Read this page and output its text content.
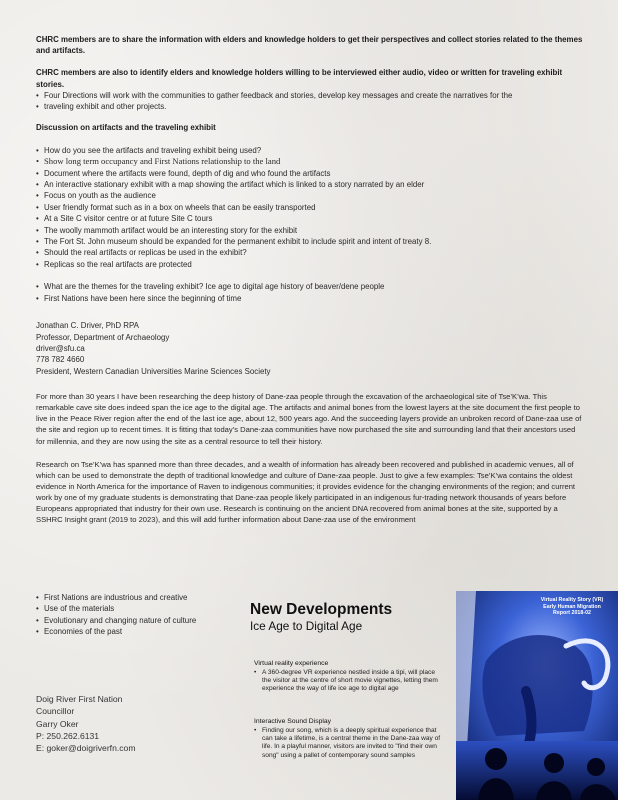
CHRC members are to share the information with elders and knowledge holders to get their perspectives and collect stories related to the themes and artifacts.

CHRC members are also to identify elders and knowledge holders willing to be interviewed either audio, video or written for traveling exhibit stories.

• Four Directions will work with the communities to gather feedback and stories, develop key messages and create the narratives for the
• traveling exhibit and other projects.

Discussion on artifacts and the traveling exhibit

• How do you see the artifacts and traveling exhibit being used?
• Show long term occupancy and First Nations relationship to the land
• Document where the artifacts were found, depth of dig and who found the artifacts
• An interactive stationary exhibit with a map showing the artifact which is linked to a story narrated by an elder
• Focus on youth as the audience
• User friendly format such as in a box on wheels that can be easily transported
• At a Site C visitor centre or at future Site C tours
• The woolly mammoth artifact would be an interesting story for the exhibit
• The Fort St. John museum should be expanded for the permanent exhibit to include spirit and intent of treaty 8.
• Should the real artifacts or replicas be used in the exhibit?
• Replicas so the real artifacts are protected
• What are the themes for the traveling exhibit? Ice age to digital age history of beaver/dene people
• First Nations have been here since the beginning of time

Jonathan C. Driver, PhD RPA

Professor, Department of Archaeology

driver@sfu.ca

778 782 4660

President, Western Canadian Universities Marine Sciences Society

For more than 30 years I have been researching the deep history of Dane-zaa people through the excavation of the archaeological site of Tse’K’wa. This remarkable cave site does indeed span the ice age to the digital age. The artifacts and animal bones from the lowest layers at the site document the first people to live in the Peace River region after the end of the last ice age, about 12, 500 years ago. And the succeeding layers provide an unbroken record of Dane-zaa use of the site and region up to recent times. It is fitting that today’s Dane-zaa communities have now purchased the site and surrounding land that their ancestors used for millennia, and they are now using the site as a central resource to tell their history.

Research on Tse’K’wa has spanned more than three decades, and a wealth of information has already been recovered and published in academic venues, all of which can be used to demonstrate the depth of traditional knowledge and culture of Dane-zaa people. Just to give a few examples: Tse’K’wa contains the oldest evidence in North America for the importance of Raven to indigenous communities; it provides evidence for the changing environments of the region; and current work by one of my graduate students is demonstrating that Dane-zaa people likely participated in an indigenous fur-trading network thousands of years before Europeans appropriated that industry for their own use. Research is continuing on the ancient DNA recovered from animal bones at the site, supported by a SSHRC Insight grant (2019 to 2023), and this will add further information about Dane-zaa use of the environment

• First Nations are industrious and creative
• Use of the materials
• Evolutionary and changing nature of culture
• Economies of the past

Doig River First Nation

Councillor

Garry Oker

P: 250.262.6131

E: goker@doigriverfn.com

New Developments

Ice Age to Digital Age

Virtual reality experience

• A 360-degree VR experience nestled inside a tipi, will place the visitor at the centre of short movie vignettes, letting them experience the way of life ice age to digital age

Interactive Sound Display

• Finding our song, which is a deeply spiritual experience that can take a lifetime, is a central theme in the Dane-zaa way of life. In a playful manner, visitors are invited to "find their own song" using a pallet of contemporary sound samples

Virtual Reality Story (VR)
Early Human Migration
Report 2018-02
